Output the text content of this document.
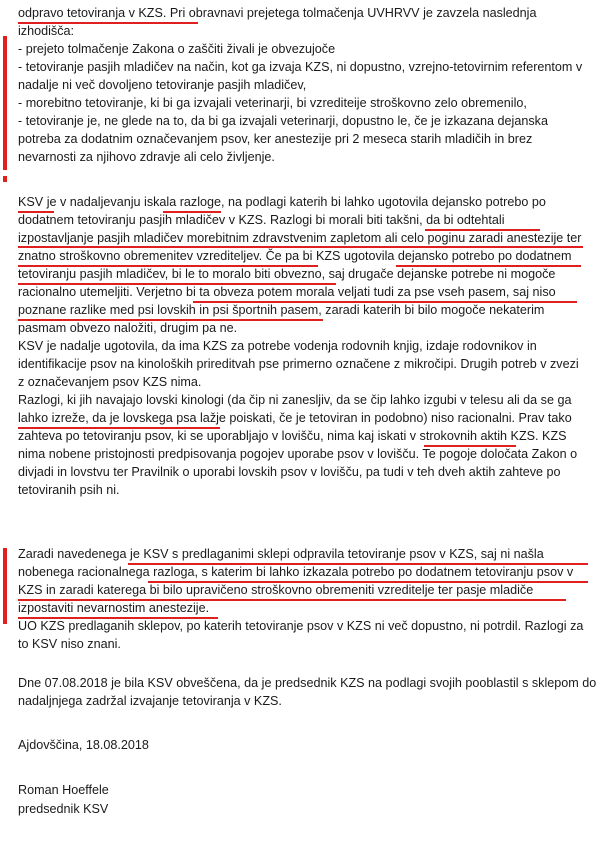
odpravo tetoviranja v KZS. Pri obravnavi prejetega tolmačenja UVHRVV je zavzela naslednja
izhodišča:
- prejeto tolmačenje Zakona o zaščiti živali je obvezujoče
- tetoviranje pasjih mladičev na način, kot ga izvaja KZS, ni dopustno, vzrejno-tetovirnim referentom v
nadalje ni več dovoljeno tetoviranje pasjih mladičev,
- morebitno tetoviranje, ki bi ga izvajali veterinarji, bi vzrediteije stroškovno zelo obremenilo,
- tetoviranje je, ne glede na to, da bi ga izvajali veterinarji, dopustno le, če je izkazana dejanska
potreba za dodatnim označevanjem psov, ker anestezije pri 2 meseca starih mladičih in brez
nevarnosti za njihovo zdravje ali celo življenje.
KSV je v nadaljevanju iskala razloge, na podlagi katerih bi lahko ugotovila dejansko potrebo po
dodatnem tetoviranju pasjih mladičev v KZS. Razlogi bi morali biti takšni, da bi odtehtali
izpostavljanje pasjih mladičev morebitnim zdravstvenim zapletom ali celo poginu zaradi anestezije ter
znatno stroškovno obremenitev vzrediteljev. Če pa bi KZS ugotovila dejansko potrebo po dodatnem
tetoviranju pasjih mladičev, bi le to moralo biti obvezno, saj drugače dejanske potrebe ni mogoče
racionalno utemeljiti. Verjetno bi ta obveza potem morala veljati tudi za pse vseh pasem, saj niso
poznane razlike med psi lovskih in psi športnih pasem, zaradi katerih bi bilo mogoče nekaterim
pasmam obvezo naložiti, drugim pa ne.
KSV je nadalje ugotovila, da ima KZS za potrebe vodenja rodovnih knjig, izdaje rodovnikov in
identifikacije psov na kinoloških prireditvah pse primerno označene z mikročipi. Drugih potreb v zvezi
z označevanjem psov KZS nima.
Razlogi, ki jih navajajo lovski kinologi (da čip ni zanesljiv, da se čip lahko izgubi v telesu ali da se ga
lahko izreže, da je lovskega psa lažje poiskati, če je tetoviran in podobno) niso racionalni. Prav tako
zahteva po tetoviranju psov, ki se uporabljajo v lovišču, nima kaj iskati v strokovnih aktih KZS. KZS
nima nobene pristojnosti predpisovanja pogojev uporabe psov v lovišču. Te pogoje določata Zakon o
divjadi in lovstvu ter Pravilnik o uporabi lovskih psov v lovišču, pa tudi v teh dveh aktih zahteve po
tetoviranih psih ni.
Zaradi navedenega je KSV s predlaganimi sklepi odpravila tetoviranje psov v KZS, saj ni našla
nobenega racionalnega razloga, s katerim bi lahko izkazala potrebo po dodatnem tetoviranju psov v
KZS in zaradi katerega bi bilo upravičeno stroškovno obremeniti vzreditelje ter pasje mladiče
izpostaviti nevarnostim anestezije.
UO KZS predlaganih sklepov, po katerih tetoviranje psov v KZS ni več dopustno, ni potrdil. Razlogi za
to KSV niso znani.
Dne 07.08.2018 je bila KSV obveščena, da je predsednik KZS na podlagi svojih pooblastil s sklepom do
nadaljnjega zadržal izvajanje tetoviranja v KZS.
Ajdovščina, 18.08.2018
Roman Hoeffele
predsednik KSV
